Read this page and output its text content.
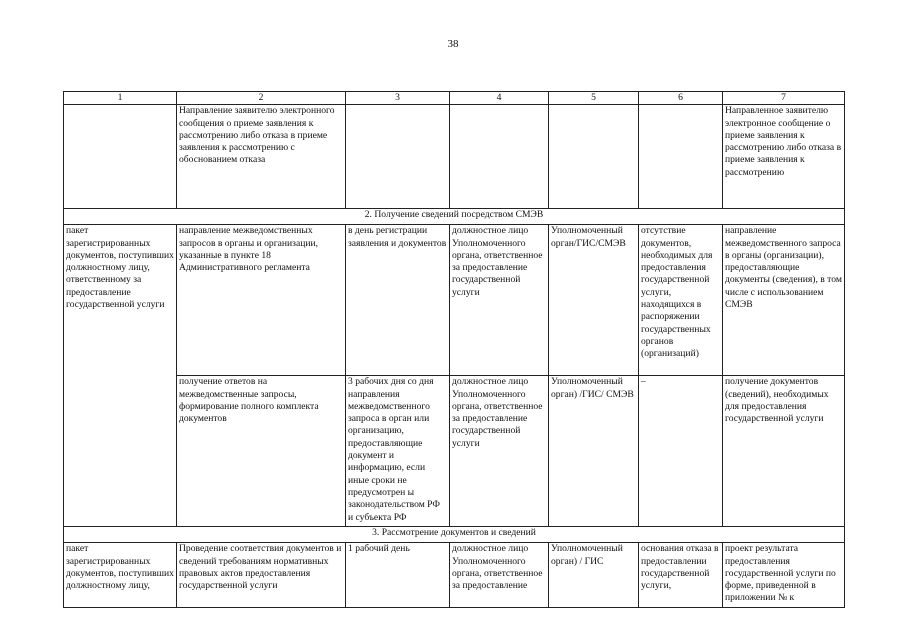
38
1	2	3	4	5	6	7
	Направление заявителю электронного сообщения о приеме заявления к рассмотрению либо отказа в приеме заявления к рассмотрению с обоснованием отказа					Направленное заявителю электронное сообщение о приеме заявления к рассмотрению либо отказа в приеме заявления к рассмотрению
2. Получение сведений посредством СМЭВ						
пакет зарегистрированных документов, поступивших должностному лицу, ответственному за предоставление государственной услуги	направление межведомственных запросов в органы и организации, указанные в пункте 18 Административного регламента	в день регистрации заявления и документов	должностное лицо Уполномоченного органа, ответственное за предоставление государственной услуги	Уполномоченный орган/ГИС/СМЭВ	отсутствие документов, необходимых для предоставления государственной услуги, находящихся в распоряжении государственных органов (организаций)	направление межведомственного запроса в органы (организации), предоставляющие документы (сведения), в том числе с использованием СМЭВ
	получение ответов на межведомственные запросы, формирование полного комплекта документов	3 рабочих дня со дня направления межведомственного запроса в орган или организацию, предоставляющие документ и информацию, если иные сроки не предусмотрен ы законодательством РФ и субъекта РФ	должностное лицо Уполномоченного органа, ответственное за предоставление государственной услуги	Уполномоченный орган) /ГИС/ СМЭВ	–	получение документов (сведений), необходимых для предоставления государственной услуги
3. Рассмотрение документов и сведений						
пакет зарегистрированных документов, поступивших должностному лицу,	Проведение соответствия документов и сведений требованиям нормативных правовых актов предоставления государственной услуги	1 рабочий день	должностное лицо Уполномоченного органа, ответственное за предоставление	Уполномоченный орган) / ГИС	основания отказа в предоставлении государственной услуги,	проект результата предоставления государственной услуги по форме, приведенной в приложении № к
